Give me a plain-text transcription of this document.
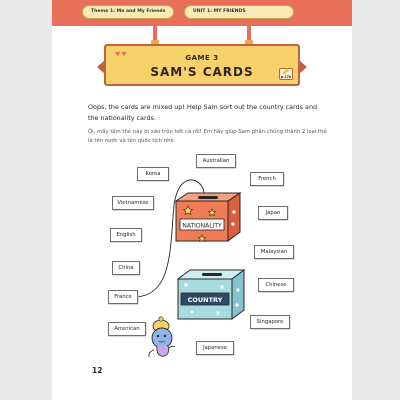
Theme 1: Me and My Friends	UNIT 1: MY FRIENDS
♥♥	GAME 3
SAM'S CARDS	🔑
p.178
Oops, the cards are mixed up! Help Sam sort out the country cards and the nationality cards.
Ôi, mấy tấm thẻ này bị xáo trộn hết cả rồi! Em hãy giúp Sam phân chúng thành 2 loại thẻ là tên nước và tên quốc tịch nhé.
NATIONALITY
COUNTRY
Australian
Korea
French
Vietnamese
Japan
English
Malaysian
China
Chinese
France
Singapore
American
Japanese
12
